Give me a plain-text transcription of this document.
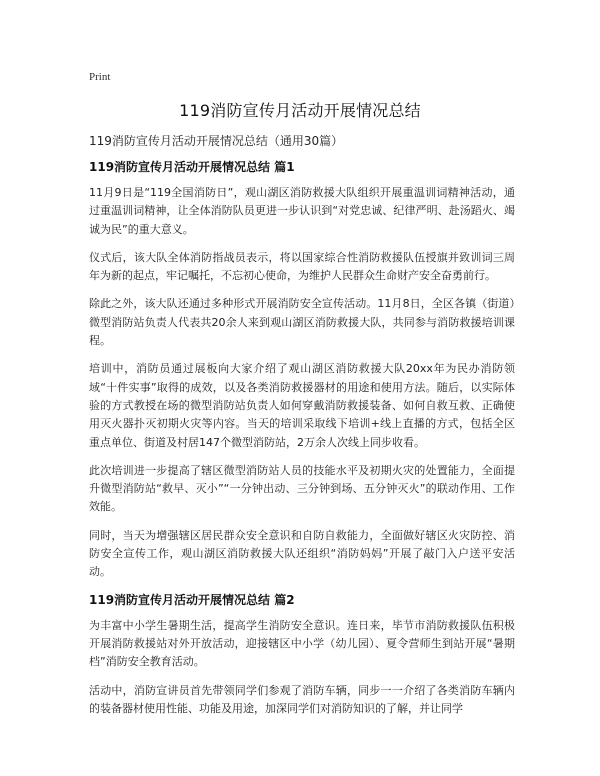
Print
119消防宣传月活动开展情况总结

119消防宣传月活动开展情况总结（通用30篇）

119消防宣传月活动开展情况总结 篇1

11月9日是“119全国消防日”，观山湖区消防救援大队组织开展重温训词精神活动，通过重温训词精神，让全体消防队员更进一步认识到“对党忠诚、纪律严明、赴汤蹈火、竭诚为民”的重大意义。

仪式后，该大队全体消防指战员表示，将以国家综合性消防救援队伍授旗并致训词三周年为新的起点，牢记嘱托，不忘初心使命，为维护人民群众生命财产安全奋勇前行。

除此之外，该大队还通过多种形式开展消防安全宣传活动。11月8日，全区各镇（街道）微型消防站负责人代表共20余人来到观山湖区消防救援大队，共同参与消防救援培训课程。

培训中，消防员通过展板向大家介绍了观山湖区消防救援大队20xx年为民办消防领域“十件实事”取得的成效，以及各类消防救援器材的用途和使用方法。随后，以实际体验的方式教授在场的微型消防站负责人如何穿戴消防救援装备、如何自救互救、正确使用灭火器扑灭初期火灾等内容。当天的培训采取线下培训+线上直播的方式，包括全区重点单位、街道及村居147个微型消防站，2万余人次线上同步收看。

此次培训进一步提高了辖区微型消防站人员的技能水平及初期火灾的处置能力，全面提升微型消防站“救早、灭小”“一分钟出动、三分钟到场、五分钟灭火”的联动作用、工作效能。

同时，当天为增强辖区居民群众安全意识和自防自救能力，全面做好辖区火灾防控、消防安全宣传工作，观山湖区消防救援大队还组织“消防妈妈”开展了敲门入户送平安活动。

119消防宣传月活动开展情况总结 篇2

为丰富中小学生暑期生活，提高学生消防安全意识。连日来，毕节市消防救援队伍积极开展消防救援站对外开放活动，迎接辖区中小学（幼儿园）、夏令营师生到站开展“暑期档”消防安全教育活动。

活动中，消防宣讲员首先带领同学们参观了消防车辆，同步一一介绍了各类消防车辆内的装备器材使用性能、功能及用途，加深同学们对消防知识的了解，并让同学
